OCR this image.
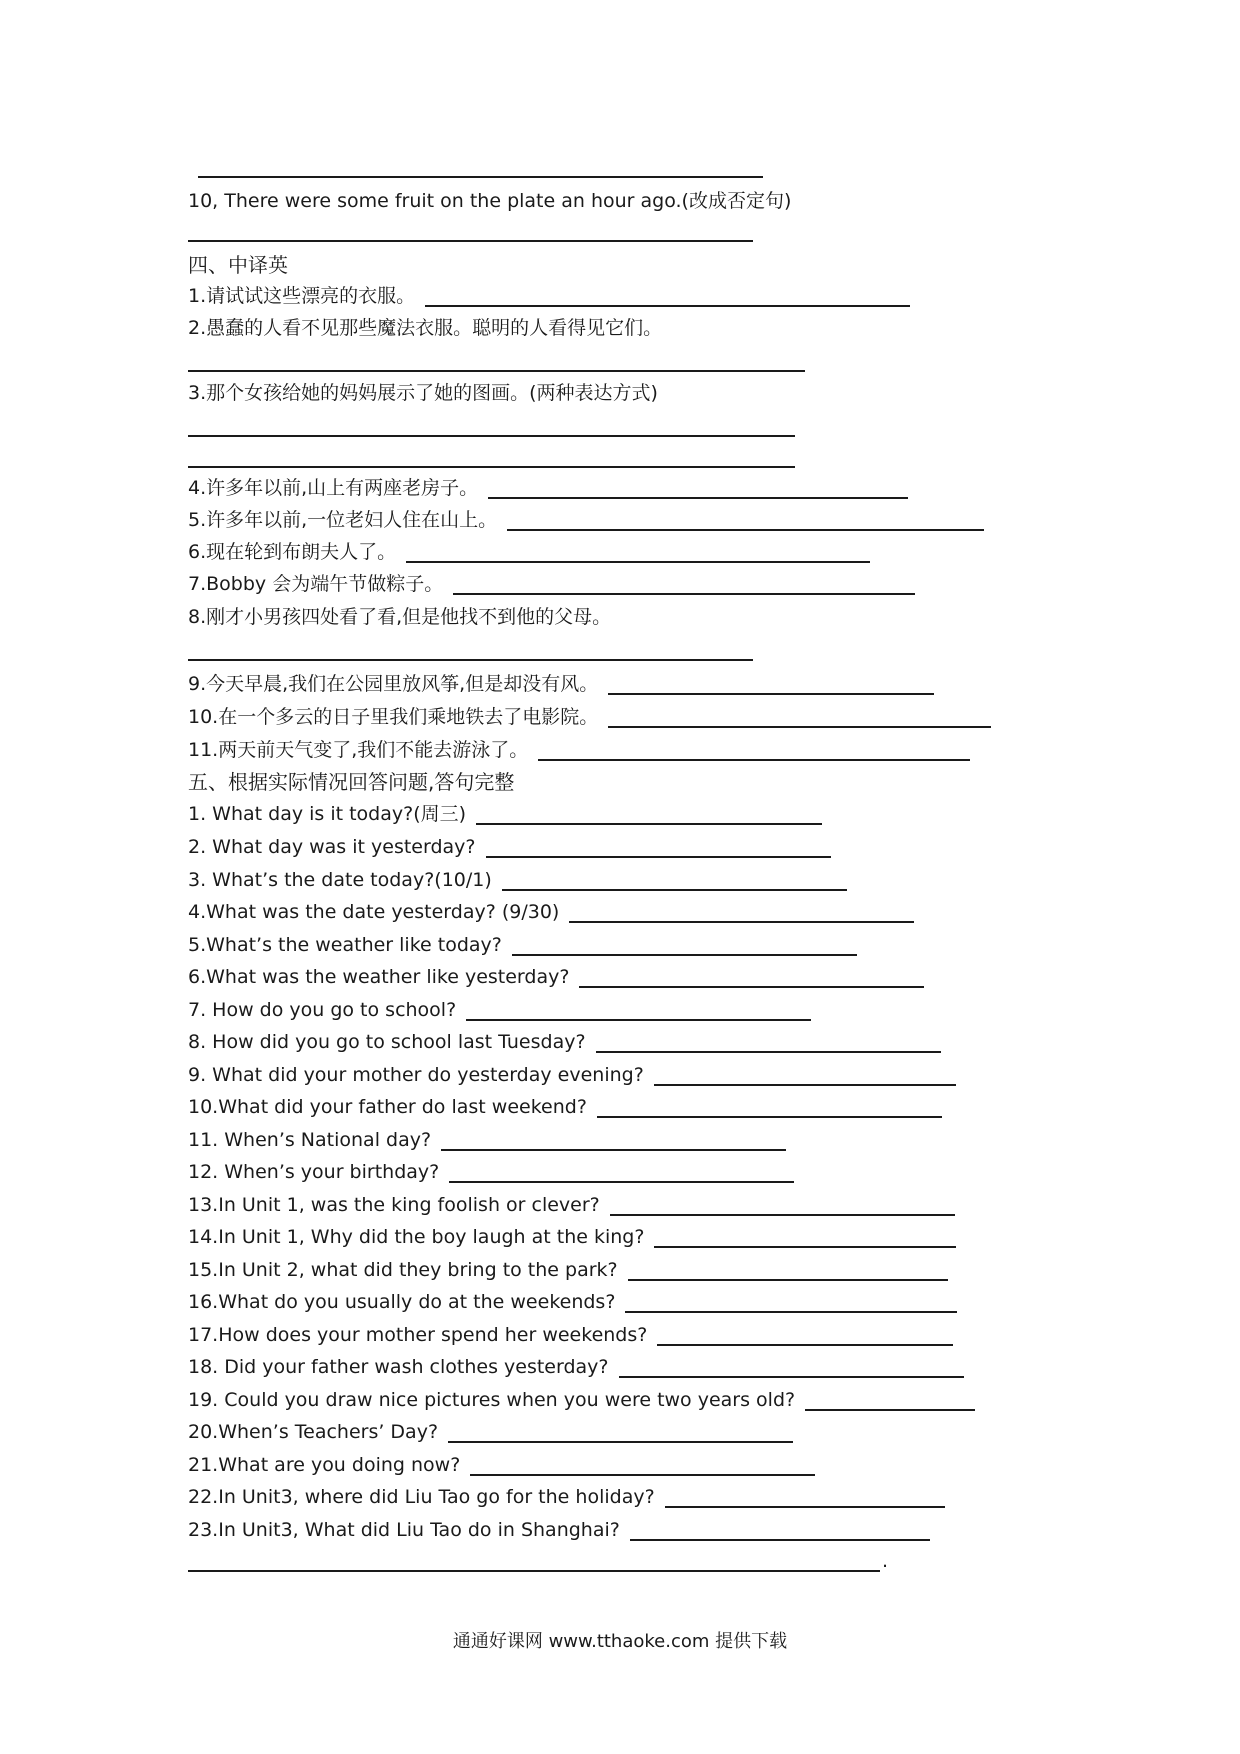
10, There were some fruit on the plate an hour ago.(改成否定句)
四、中译英
1.请试试这些漂亮的衣服。
2.愚蠢的人看不见那些魔法衣服。聪明的人看得见它们。
3.那个女孩给她的妈妈展示了她的图画。(两种表达方式)
4.许多年以前,山上有两座老房子。
5.许多年以前,一位老妇人住在山上。
6.现在轮到布朗夫人了。
7.Bobby 会为端午节做粽子。
8.刚才小男孩四处看了看,但是他找不到他的父母。
9.今天早晨,我们在公园里放风筝,但是却没有风。
10.在一个多云的日子里我们乘地铁去了电影院。
11.两天前天气变了,我们不能去游泳了。
五、根据实际情况回答问题,答句完整
1. What day is it today?(周三)
2. What day was it yesterday?
3. What’s the date today?(10/1)
4.What was the date yesterday? (9/30)
5.What’s the weather like today?
6.What was the weather like yesterday?
7. How do you go to school?
8. How did you go to school last Tuesday?
9. What did your mother do yesterday evening?
10.What did your father do last weekend?
11. When’s National day?
12. When’s your birthday?
13.In Unit 1, was the king foolish or clever?
14.In Unit 1, Why did the boy laugh at the king?
15.In Unit 2, what did they bring to the park?
16.What do you usually do at the weekends?
17.How does your mother spend her weekends?
18. Did your father wash clothes yesterday?
19. Could you draw nice pictures when you were two years old?
20.When’s Teachers’ Day?
21.What are you doing now?
22.In Unit3, where did Liu Tao go for the holiday?
23.In Unit3, What did Liu Tao do in Shanghai?
.
通通好课网 www.tthaoke.com 提供下载
